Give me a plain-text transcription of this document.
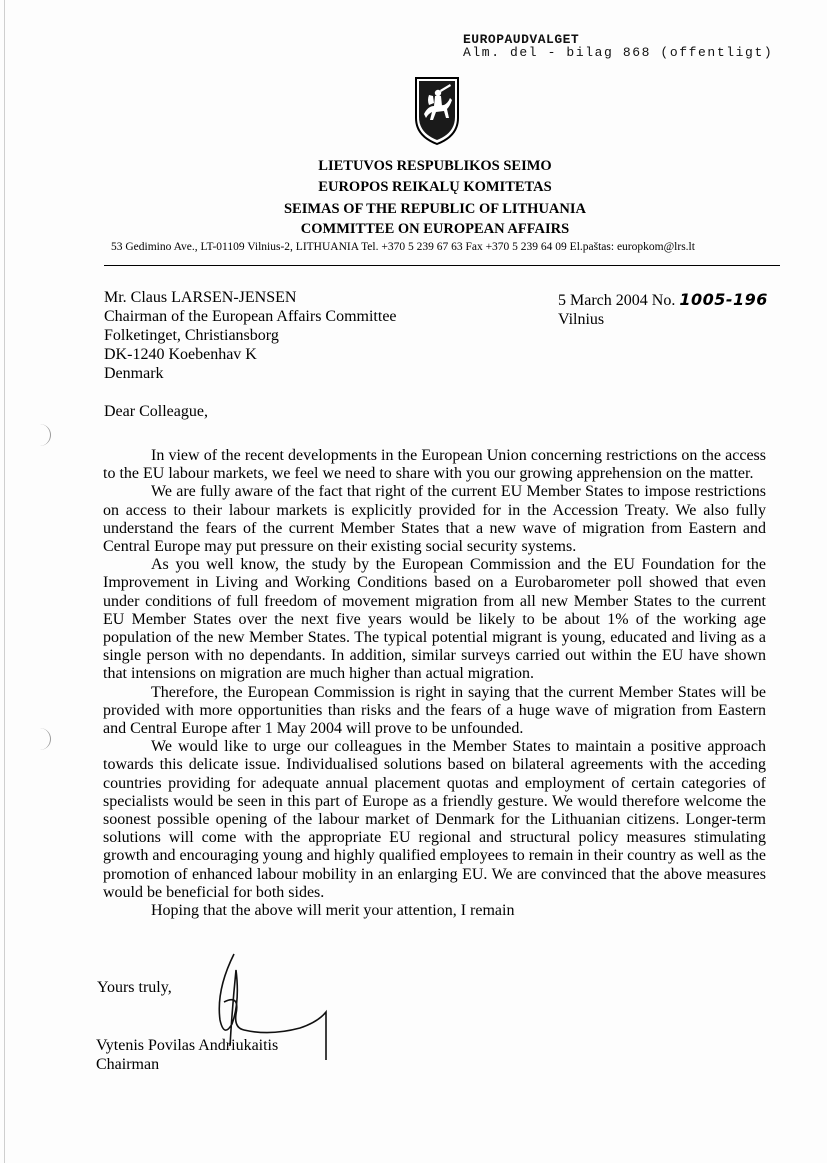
EUROPAUDVALGET
Alm. del - bilag 868 (offentligt)
LIETUVOS RESPUBLIKOS SEIMO
EUROPOS REIKALŲ KOMITETAS
SEIMAS OF THE REPUBLIC OF LITHUANIA
COMMITTEE ON EUROPEAN AFFAIRS
53 Gedimino Ave., LT-01109 Vilnius-2, LITHUANIA Tel. +370 5 239 67 63 Fax +370 5 239 64 09 El.paštas: europkom@lrs.lt
Mr. Claus LARSEN-JENSEN
Chairman of the European Affairs Committee
Folketinget, Christiansborg
DK-1240 Koebenhav K
Denmark
5 March 2004 No. 1005-196
Vilnius
Dear Colleague,

In view of the recent developments in the European Union concerning restrictions on the access to the EU labour markets, we feel we need to share with you our growing apprehension on the matter.

We are fully aware of the fact that right of the current EU Member States to impose restrictions on access to their labour markets is explicitly provided for in the Accession Treaty. We also fully understand the fears of the current Member States that a new wave of migration from Eastern and Central Europe may put pressure on their existing social security systems.

As you well know, the study by the European Commission and the EU Foundation for the Improvement in Living and Working Conditions based on a Eurobarometer poll showed that even under conditions of full freedom of movement migration from all new Member States to the current EU Member States over the next five years would be likely to be about 1% of the working age population of the new Member States. The typical potential migrant is young, educated and living as a single person with no dependants. In addition, similar surveys carried out within the EU have shown that intensions on migration are much higher than actual migration.

Therefore, the European Commission is right in saying that the current Member States will be provided with more opportunities than risks and the fears of a huge wave of migration from Eastern and Central Europe after 1 May 2004 will prove to be unfounded.

We would like to urge our colleagues in the Member States to maintain a positive approach towards this delicate issue. Individualised solutions based on bilateral agreements with the acceding countries providing for adequate annual placement quotas and employment of certain categories of specialists would be seen in this part of Europe as a friendly gesture. We would therefore welcome the soonest possible opening of the labour market of Denmark for the Lithuanian citizens. Longer-term solutions will come with the appropriate EU regional and structural policy measures stimulating growth and encouraging young and highly qualified employees to remain in their country as well as the promotion of enhanced labour mobility in an enlarging EU. We are convinced that the above measures would be beneficial for both sides.

Hoping that the above will merit your attention, I remain

Yours truly,
Vytenis Povilas Andriukaitis
Chairman
